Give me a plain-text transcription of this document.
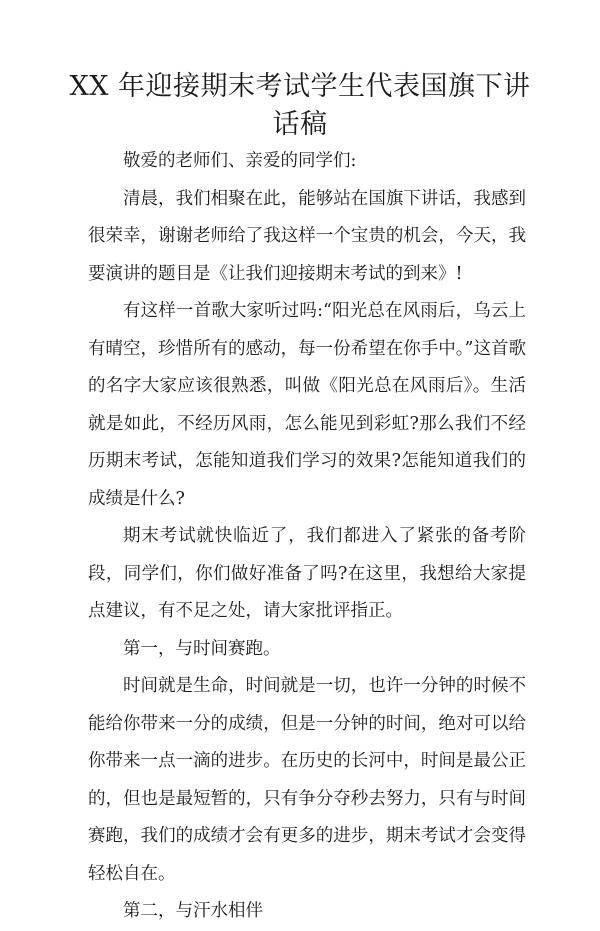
XX 年迎接期末考试学生代表国旗下讲话稿

敬爱的老师们、亲爱的同学们:

清晨，我们相聚在此，能够站在国旗下讲话，我感到很荣幸，谢谢老师给了我这样一个宝贵的机会，今天，我要演讲的题目是《让我们迎接期末考试的到来》!

有这样一首歌大家听过吗:“阳光总在风雨后，乌云上有晴空，珍惜所有的感动，每一份希望在你手中。”这首歌的名字大家应该很熟悉，叫做《阳光总在风雨后》。生活就是如此，不经历风雨，怎么能见到彩虹?那么我们不经历期末考试，怎能知道我们学习的效果?怎能知道我们的成绩是什么?

期末考试就快临近了，我们都进入了紧张的备考阶段，同学们，你们做好准备了吗?在这里，我想给大家提点建议，有不足之处，请大家批评指正。

第一，与时间赛跑。

时间就是生命，时间就是一切，也许一分钟的时候不能给你带来一分的成绩，但是一分钟的时间，绝对可以给你带来一点一滴的进步。在历史的长河中，时间是最公正的，但也是最短暂的，只有争分夺秒去努力，只有与时间赛跑，我们的成绩才会有更多的进步，期末考试才会变得轻松自在。

第二，与汗水相伴
